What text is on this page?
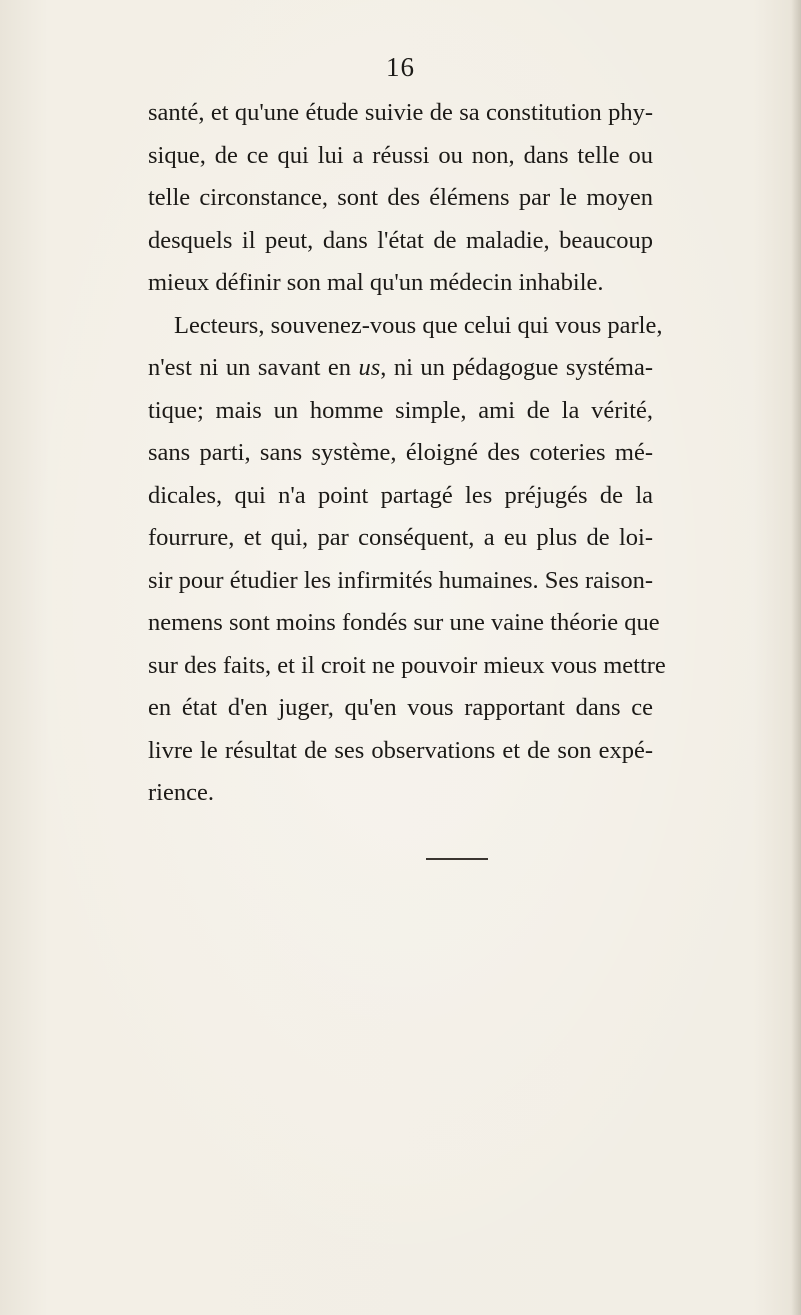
16
santé, et qu'une étude suivie de sa constitution phy-
sique, de ce qui lui a réussi ou non, dans telle ou
telle circonstance, sont des élémens par le moyen
desquels il peut, dans l'état de maladie, beaucoup
mieux définir son mal qu'un médecin inhabile.
Lecteurs, souvenez-vous que celui qui vous parle,
n'est ni un savant en us, ni un pédagogue systéma-
tique; mais un homme simple, ami de la vérité,
sans parti, sans système, éloigné des coteries mé-
dicales, qui n'a point partagé les préjugés de la
fourrure, et qui, par conséquent, a eu plus de loi-
sir pour étudier les infirmités humaines. Ses raison-
nemens sont moins fondés sur une vaine théorie que
sur des faits, et il croit ne pouvoir mieux vous mettre
en état d'en juger, qu'en vous rapportant dans ce
livre le résultat de ses observations et de son expé-
rience.
